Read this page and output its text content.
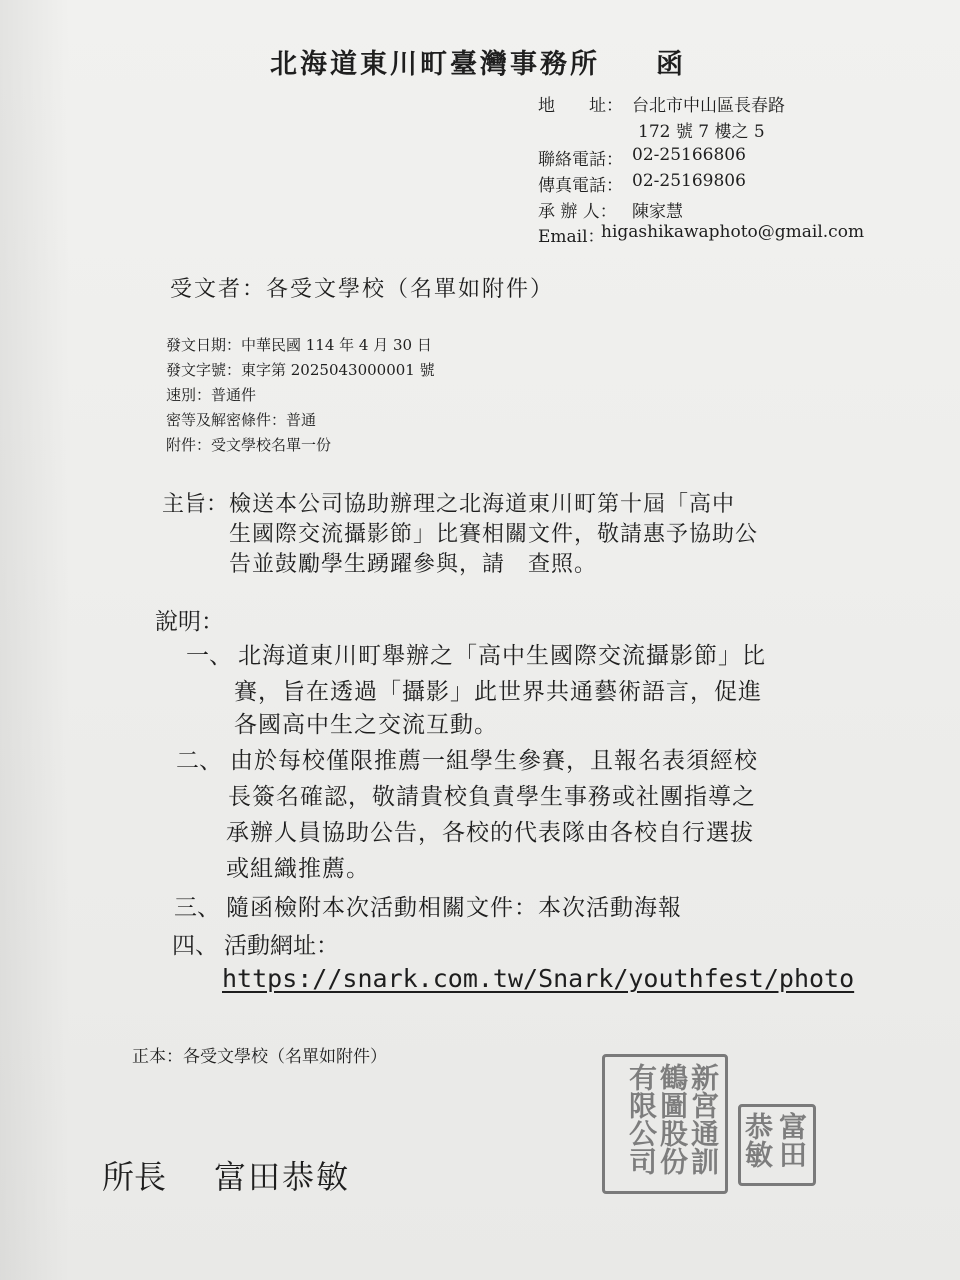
北海道東川町臺灣事務所 函
地　　址： 台北市中山區長春路
172 號 7 樓之 5
聯絡電話： 02-25166806
傳真電話： 02-25169806
承 辦 人： 陳家慧
Email：
higashikawaphoto@gmail.com
受文者：各受文學校（名單如附件）
發文日期：中華民國 114 年 4 月 30 日
發文字號：東字第 2025043000001 號
速別：普通件
密等及解密條件：普通
附件：受文學校名單一份
主旨： 檢送本公司協助辦理之北海道東川町第十屆「高中
生國際交流攝影節」比賽相關文件，敬請惠予協助公
告並鼓勵學生踴躍參與，請　查照。
說明：
一、 北海道東川町舉辦之「高中生國際交流攝影節」比
賽，旨在透過「攝影」此世界共通藝術語言，促進
各國高中生之交流互動。
二、 由於每校僅限推薦一組學生參賽，且報名表須經校
長簽名確認，敬請貴校負責學生事務或社團指導之
承辦人員協助公告，各校的代表隊由各校自行選拔
或組織推薦。
三、 隨函檢附本次活動相關文件：本次活動海報
四、 活動網址：
https://snark.com.tw/Snark/youthfest/photo
正本：各受文學校（名單如附件）
所長 富田恭敏
新宮通訓鶴圖股份有限公司	富田恭敏
